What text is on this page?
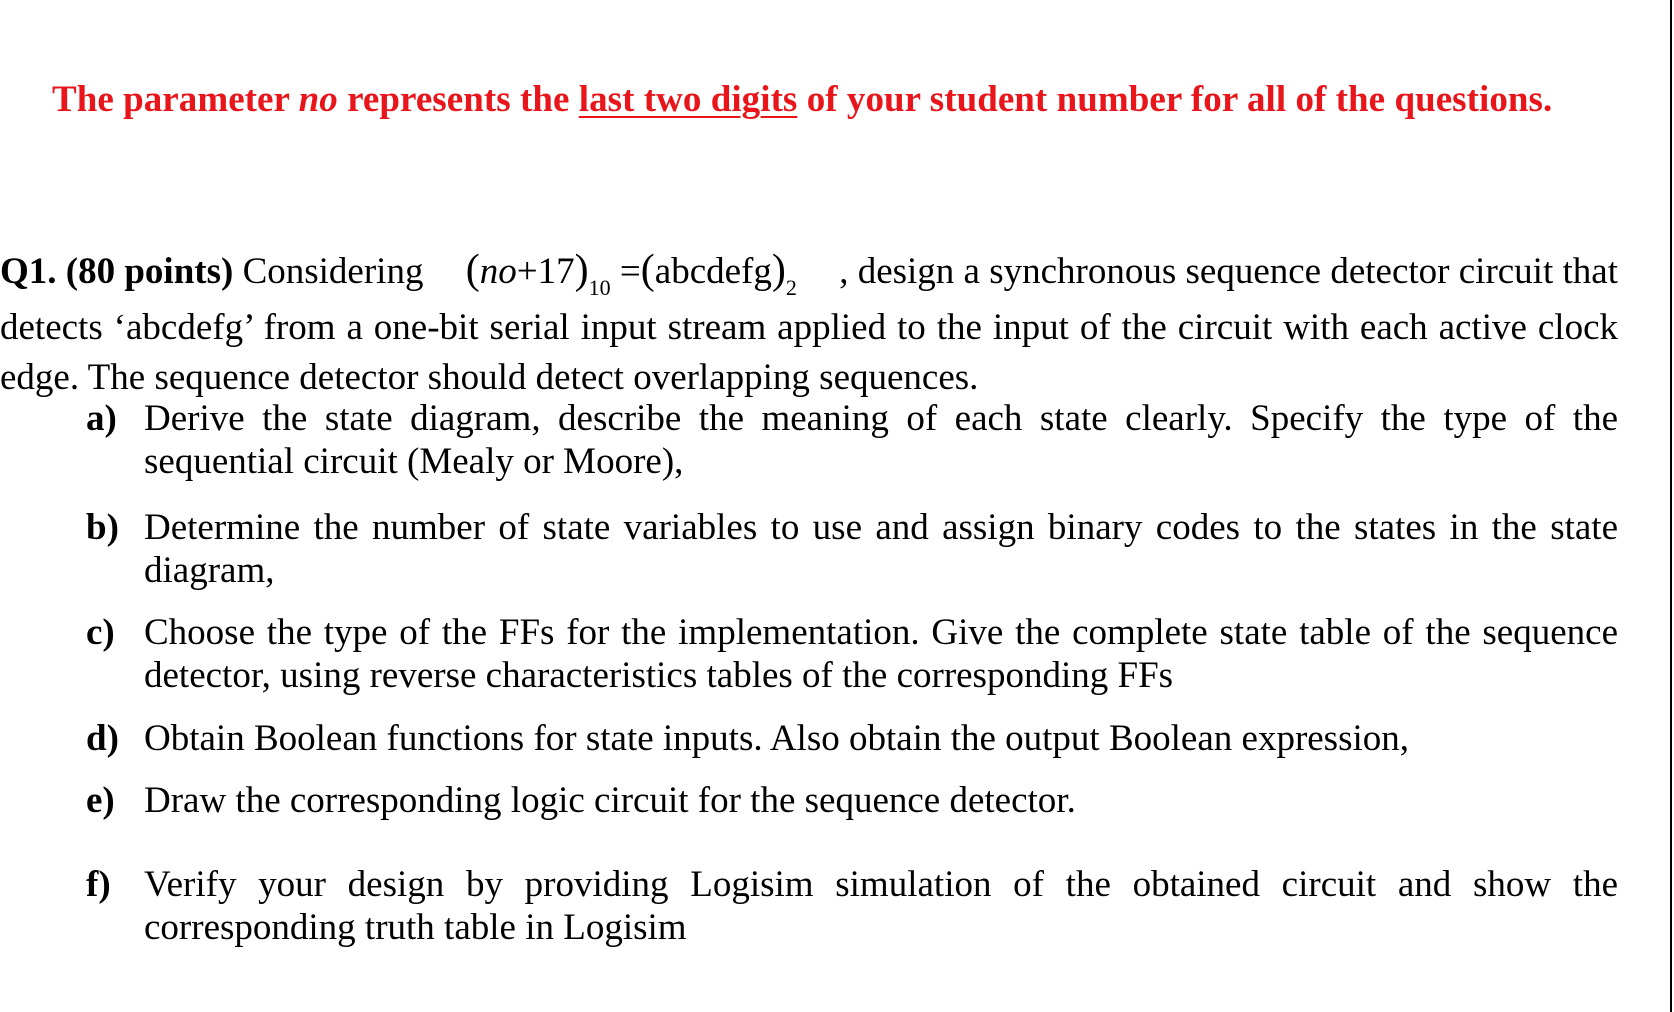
The parameter no represents the last two digits of your student number for all of the questions.
Q1. (80 points) Considering $(no+17)_{10}$ $=(abcdefg)_2$ , design a synchronous sequence detector circuit that
detects ‘abcdefg’ from a one-bit serial input stream applied to the input of the circuit with each active clock
edge. The sequence detector should detect overlapping sequences.
a) Derive the state diagram, describe the meaning of each state clearly. Specify the type of the sequential circuit (Mealy or Moore),
b) Determine the number of state variables to use and assign binary codes to the states in the state diagram,
c) Choose the type of the FFs for the implementation. Give the complete state table of the sequence detector, using reverse characteristics tables of the corresponding FFs
d) Obtain Boolean functions for state inputs. Also obtain the output Boolean expression,
e) Draw the corresponding logic circuit for the sequence detector.
f) Verify your design by providing Logisim simulation of the obtained circuit and show the corresponding truth table in Logisim
